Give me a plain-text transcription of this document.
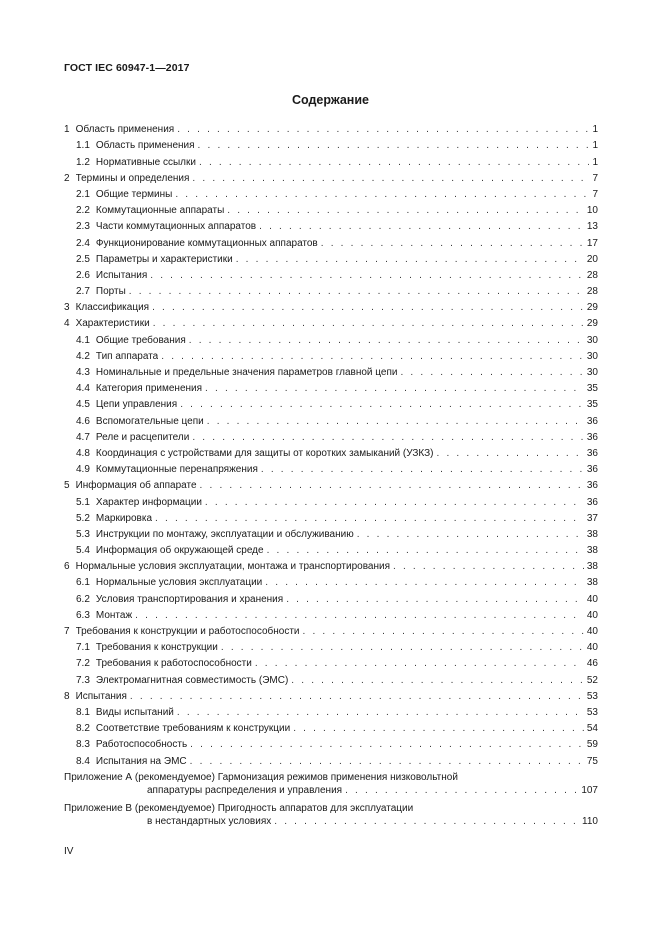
ГОСТ IEC 60947-1—2017
Содержание
1 Область применения . . .	1
1.1 Область применения . . .	1
1.2 Нормативные ссылки . . .	1
2 Термины и определения . . .	7
2.1 Общие термины . . .	7
2.2 Коммутационные аппараты . . .	10
2.3 Части коммутационных аппаратов . . .	13
2.4 Функционирование коммутационных аппаратов . . .	17
2.5 Параметры и характеристики . . .	20
2.6 Испытания . . .	28
2.7 Порты . . .	28
3 Классификация . . .	29
4 Характеристики . . .	29
4.1 Общие требования . . .	30
4.2 Тип аппарата . . .	30
4.3 Номинальные и предельные значения параметров главной цепи . . .	30
4.4 Категория применения . . .	35
4.5 Цепи управления . . .	35
4.6 Вспомогательные цепи . . .	36
4.7 Реле и расцепители . . .	36
4.8 Координация с устройствами для защиты от коротких замыканий (УЗКЗ) . . .	36
4.9 Коммутационные перенапряжения . . .	36
5 Информация об аппарате . . .	36
5.1 Характер информации . . .	36
5.2 Маркировка . . .	37
5.3 Инструкции по монтажу, эксплуатации и обслуживанию . . .	38
5.4 Информация об окружающей среде . . .	38
6 Нормальные условия эксплуатации, монтажа и транспортирования . . .	38
6.1 Нормальные условия эксплуатации . . .	38
6.2 Условия транспортирования и хранения . . .	40
6.3 Монтаж . . .	40
7 Требования к конструкции и работоспособности . . .	40
7.1 Требования к конструкции . . .	40
7.2 Требования к работоспособности . . .	46
7.3 Электромагнитная совместимость (ЭМС) . . .	52
8 Испытания . . .	53
8.1 Виды испытаний . . .	53
8.2 Соответствие требованиям к конструкции . . .	54
8.3 Работоспособность . . .	59
8.4 Испытания на ЭМС . . .	75
Приложение А (рекомендуемое) Гармонизация режимов применения низковольтной
аппаратуры распределения и управления . . .	107
Приложение В (рекомендуемое) Пригодность аппаратов для эксплуатации
в нестандартных условиях . . .	110
IV
